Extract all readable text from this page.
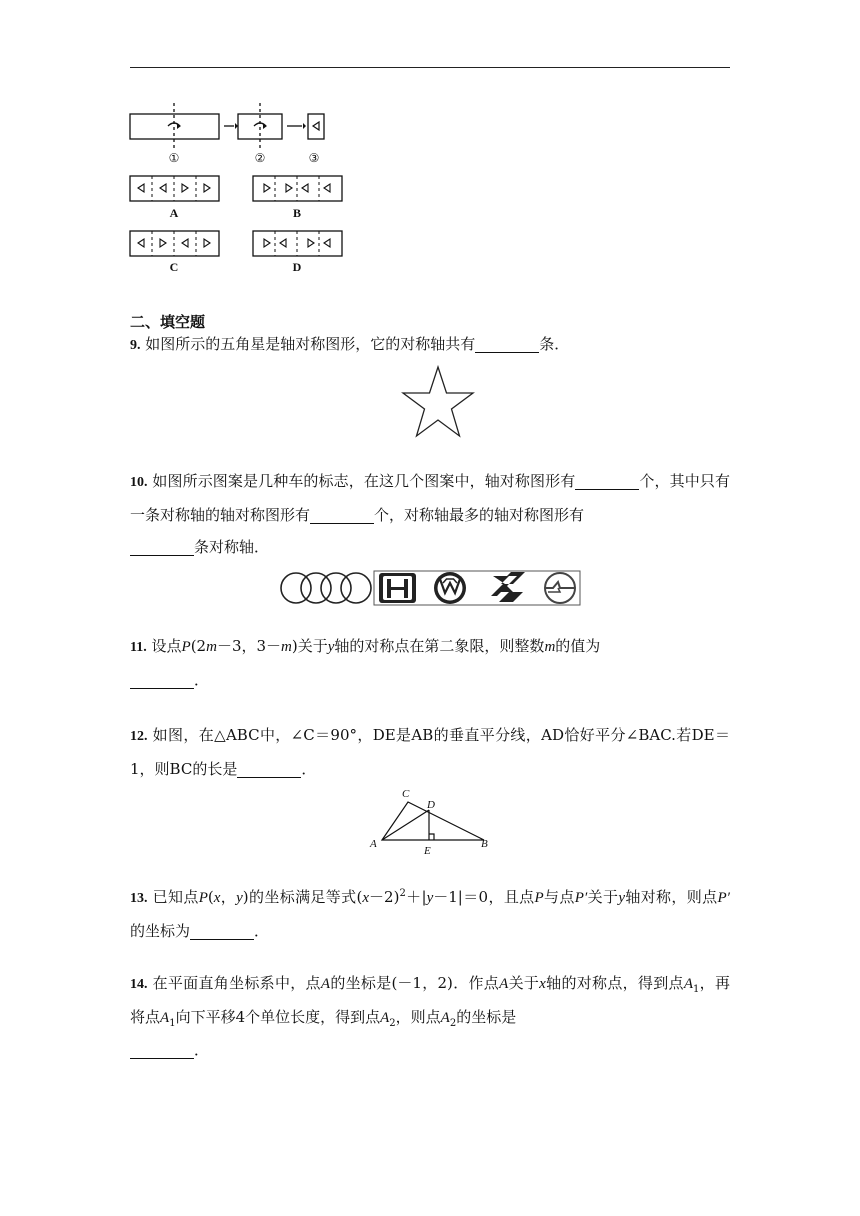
①	②	③
A	B
C	D
二、填空题
9. 如图所示的五角星是轴对称图形，它的对称轴共有	条．
10. 如图所示图案是几种车的标志，在这几个图案中，轴对称图形有	个，其中只有一条对称轴的轴对称图形有	个，对称轴最多的轴对称图形有
条对称轴．
11. 设点P(2m－3，3－m)关于y轴的对称点在第二象限，则整数m的值为
．
12. 如图，在△ABC中，∠C＝90°，DE是AB的垂直平分线，AD恰好平分∠BAC.若DE＝1，则BC的长是	．
A	B
C
D
E
13. 已知点P(x，y)的坐标满足等式$(x-2)^2+|y-1|=0$，且点P与点P′关于y轴对称，则点P′的坐标为	．
14. 在平面直角坐标系中，点A的坐标是(－1，2)．作点A关于x轴的对称点，得到点$A_1$，再将点$A_1$向下平移4个单位长度，得到点$A_2$，则点$A_2$的坐标是
．
